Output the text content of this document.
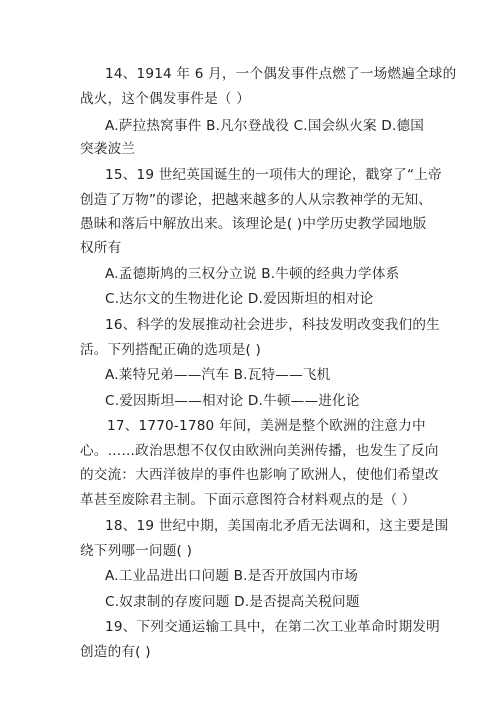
14、1914 年 6 月，一个偶发事件点燃了一场燃遍全球的
战火，这个偶发事件是（ ）
A.萨拉热窝事件 B.凡尔登战役 C.国会纵火案 D.德国
突袭波兰
15、19 世纪英国诞生的一项伟大的理论，戳穿了“上帝
创造了万物”的谬论，把越来越多的人从宗教神学的无知、
愚昧和落后中解放出来。该理论是( )中学历史教学园地版
权所有
A.孟德斯鸠的三权分立说 B.牛顿的经典力学体系
C.达尔文的生物进化论 D.爱因斯坦的相对论
16、科学的发展推动社会进步，科技发明改变我们的生
活。下列搭配正确的选项是( )
A.莱特兄弟——汽车 B.瓦特——飞机
C.爱因斯坦——相对论 D.牛顿——进化论
17、1770-1780 年间，美洲是整个欧洲的注意力中
心。……政治思想不仅仅由欧洲向美洲传播，也发生了反向
的交流：大西洋彼岸的事件也影响了欧洲人，使他们希望改
革甚至废除君主制。下面示意图符合材料观点的是（ ）
18、19 世纪中期，美国南北矛盾无法调和，这主要是围
绕下列哪一问题( )
A.工业品进出口问题 B.是否开放国内市场
C.奴隶制的存废问题 D.是否提高关税问题
19、下列交通运输工具中，在第二次工业革命时期发明
创造的有( )
